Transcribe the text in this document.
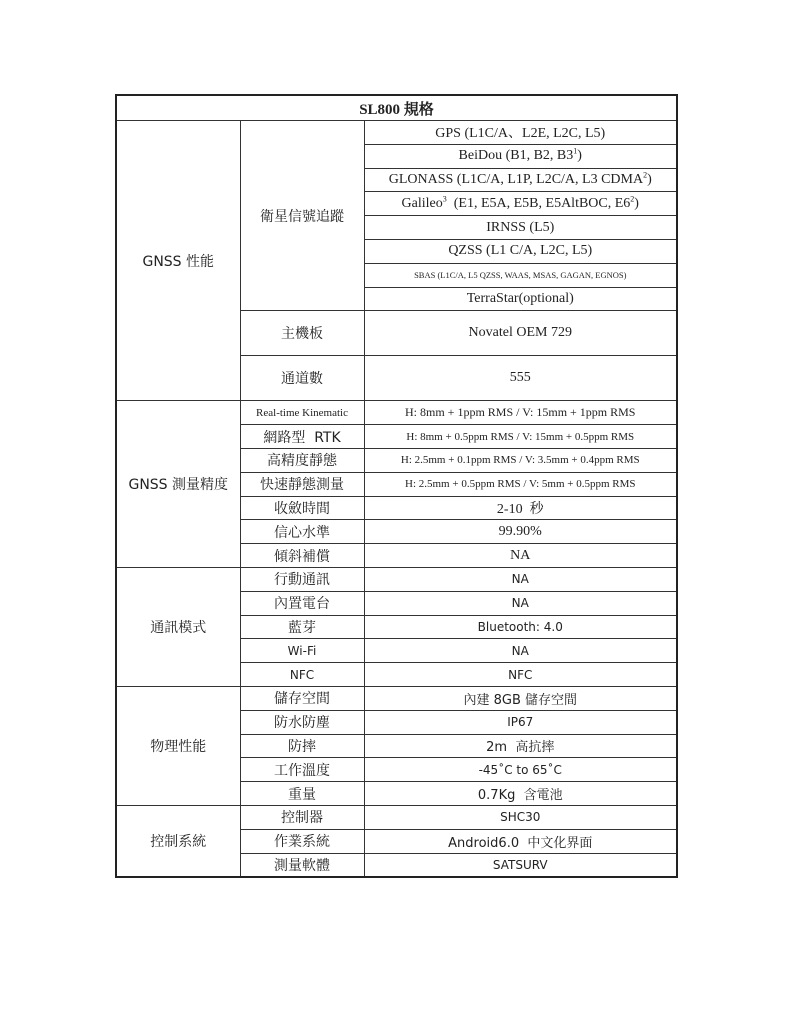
SL800 規格		
GNSS 性能	衛星信號追蹤	GPS (L1C/A、L2E, L2C, L5)
		BeiDou (B1, B2, $B3^1$)
		GLONASS (L1C/A, L1P, L2C/A, L3 CDMA$^2$)
		Galileo$^3$  (E1, E5A, E5B, E5AltBOC, $E6^2$)
		IRNSS (L5)
		QZSS (L1 C/A, L2C, L5)
		SBAS (L1C/A, L5 QZSS, WAAS, MSAS, GAGAN, EGNOS)
		TerraStar(optional)
	主機板	Novatel OEM 729
	通道數	555
GNSS 測量精度	Real-time Kinematic	H: 8mm + 1ppm RMS / V: 15mm + 1ppm RMS
	網路型  RTK	H: 8mm + 0.5ppm RMS / V: 15mm + 0.5ppm RMS
	高精度靜態	H: 2.5mm + 0.1ppm RMS / V: 3.5mm + 0.4ppm RMS
	快速靜態測量	H: 2.5mm + 0.5ppm RMS / V: 5mm + 0.5ppm RMS
	收斂時間	2-10  秒
	信心水準	99.90%
	傾斜補償	NA
通訊模式	行動通訊	NA
	內置電台	NA
	藍芽	Bluetooth: 4.0
	Wi-Fi	NA
	NFC	NFC
物理性能	儲存空間	內建 8GB 儲存空間
	防水防塵	IP67
	防摔	2m  高抗摔
	工作溫度	-45˚C to 65˚C
	重量	0.7Kg  含電池
控制系統	控制器	SHC30
	作業系統	Android6.0  中文化界面
	測量軟體	SATSURV
